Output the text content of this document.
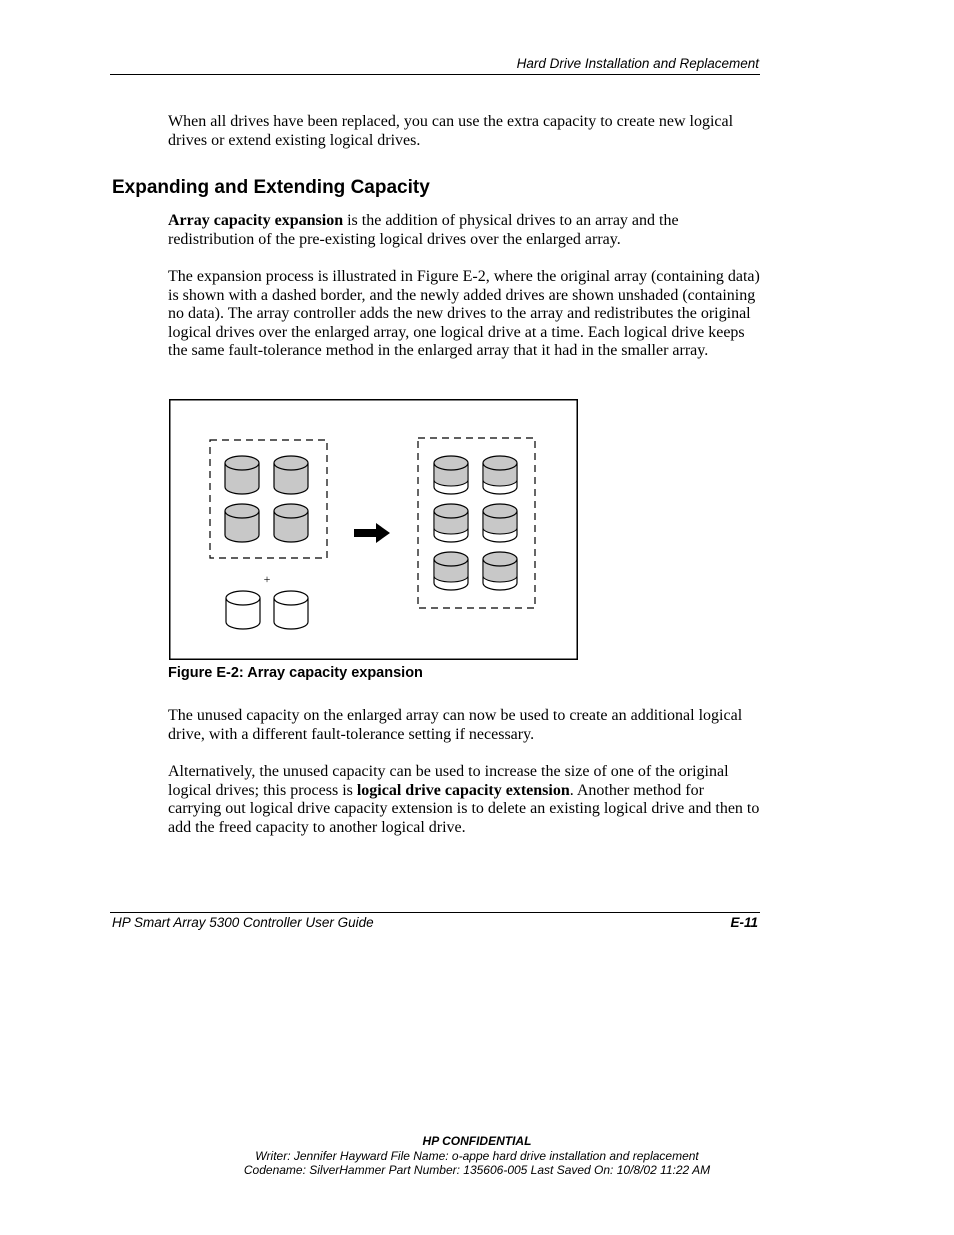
Hard Drive Installation and Replacement
When all drives have been replaced, you can use the extra capacity to create new logical drives or extend existing logical drives.
Expanding and Extending Capacity
Array capacity expansion is the addition of physical drives to an array and the redistribution of the pre-existing logical drives over the enlarged array.
The expansion process is illustrated in Figure E-2, where the original array (containing data) is shown with a dashed border, and the newly added drives are shown unshaded (containing no data). The array controller adds the new drives to the array and redistributes the original logical drives over the enlarged array, one logical drive at a time. Each logical drive keeps the same fault-tolerance method in the enlarged array that it had in the smaller array.
+
Figure E-2: Array capacity expansion
The unused capacity on the enlarged array can now be used to create an additional logical drive, with a different fault-tolerance setting if necessary.
Alternatively, the unused capacity can be used to increase the size of one of the original logical drives; this process is logical drive capacity extension. Another method for carrying out logical drive capacity extension is to delete an existing logical drive and then to add the freed capacity to another logical drive.
HP Smart Array 5300 Controller User Guide	E-11
HP CONFIDENTIAL
Writer: Jennifer Hayward File Name: o-appe hard drive installation and replacement
Codename: SilverHammer Part Number: 135606-005 Last Saved On: 10/8/02 11:22 AM
